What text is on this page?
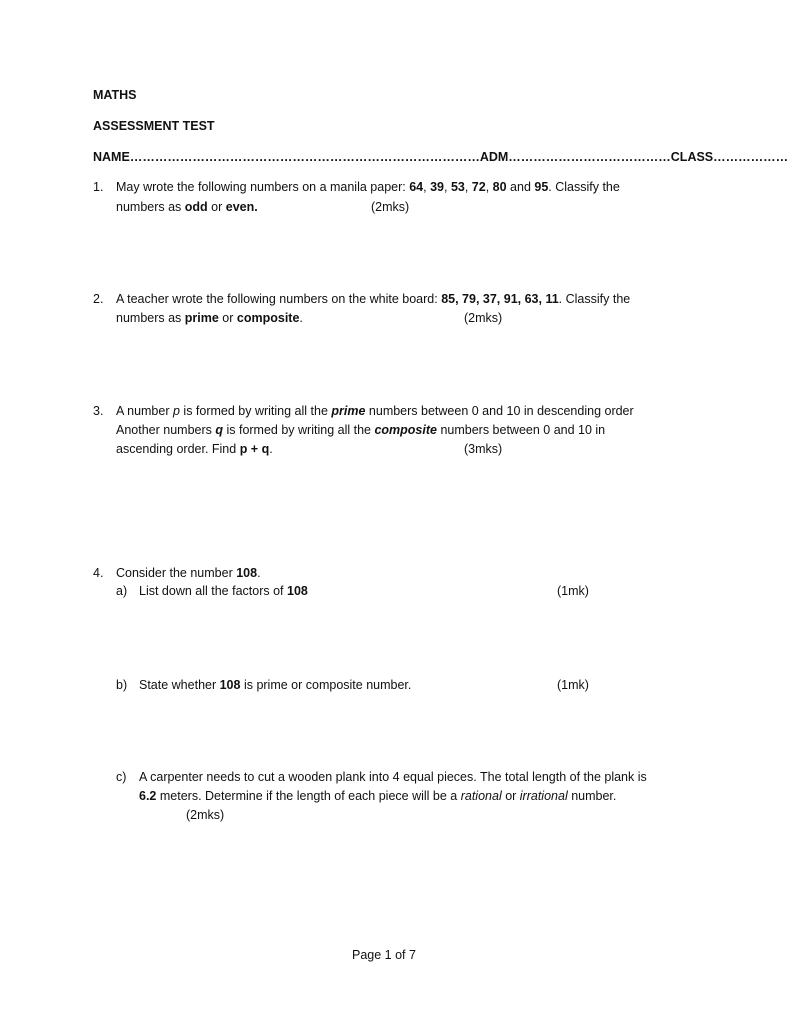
MATHS
ASSESSMENT TEST
NAME…………………………………………………………………………ADM…………………………………CLASS………………
1. May wrote the following numbers on a manila paper: 64, 39, 53, 72, 80 and 95. Classify the
numbers as odd or even.	(2mks)
2. A teacher wrote the following numbers on the white board: 85, 79, 37, 91, 63, 11. Classify the
numbers as prime or composite.	(2mks)
3. A number p is formed by writing all the prime numbers between 0 and 10 in descending order
Another numbers q is formed by writing all the composite numbers between 0 and 10 in
ascending order. Find p + q.	(3mks)
4. Consider the number 108.
a) List down all the factors of 108	(1mk)
b) State whether 108 is prime or composite number.	(1mk)
c) A carpenter needs to cut a wooden plank into 4 equal pieces. The total length of the plank is
6.2 meters. Determine if the length of each piece will be a rational or irrational number.
(2mks)
Page 1 of 7
